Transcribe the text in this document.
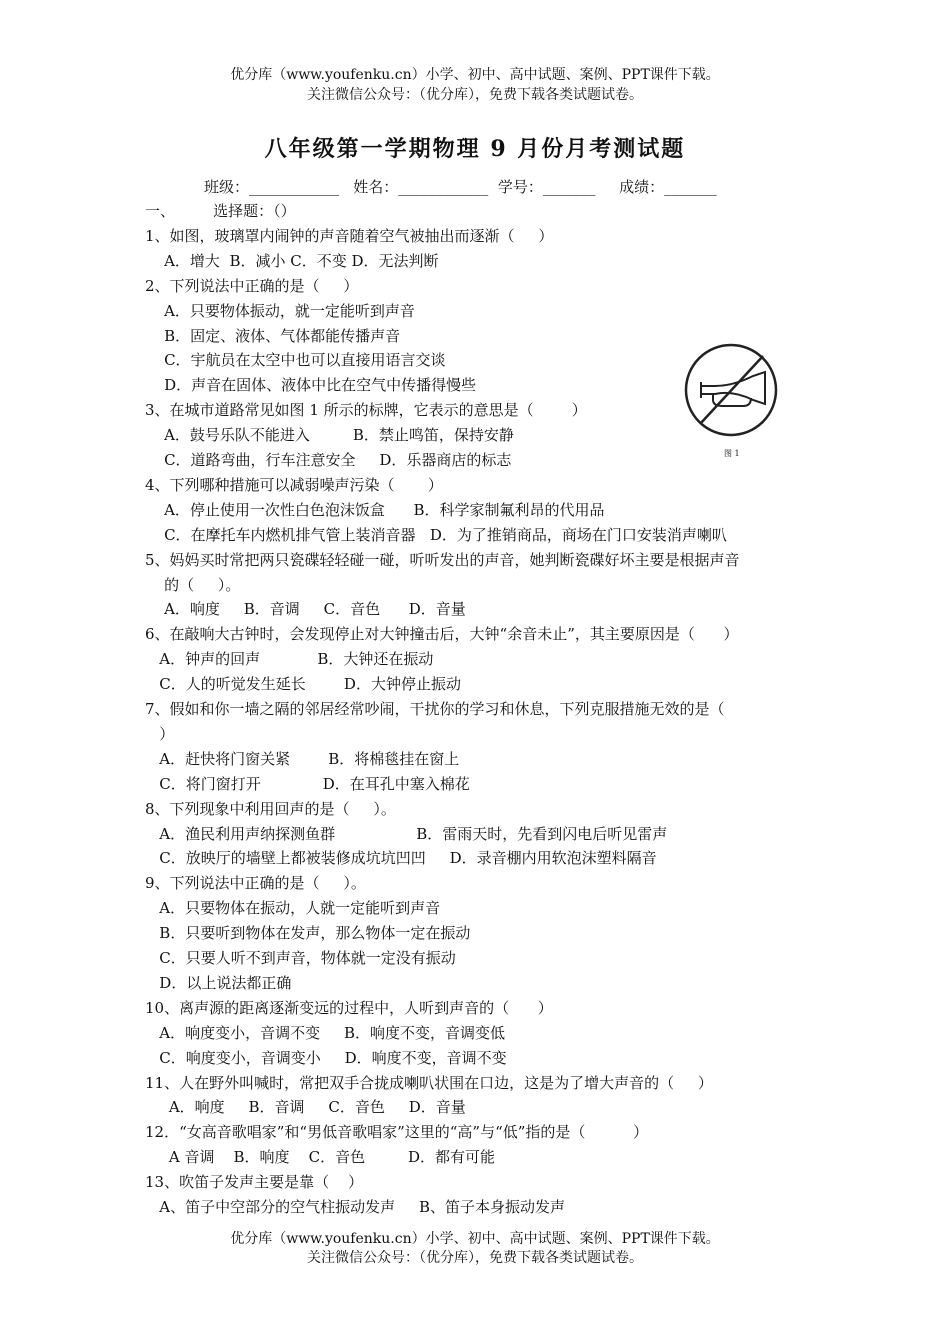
优分库（www.youfenku.cn）小学、初中、高中试题、案例、PPT课件下载。
关注微信公众号：（优分库），免费下载各类试题试卷。
八年级第一学期物理 9 月份月考测试题
班级：____________   姓名：____________  学号：_______     成绩：_______
一、        选择题：（）
1、如图，玻璃罩内闹钟的声音随着空气被抽出而逐渐（     ）
A．增大  B．减小 C．不变 D．无法判断
2、下列说法中正确的是（     ）
A．只要物体振动，就一定能听到声音
B．固定、液体、气体都能传播声音
C．宇航员在太空中也可以直接用语言交谈
D．声音在固体、液体中比在空气中传播得慢些
3、在城市道路常见如图 1 所示的标牌，它表示的意思是（        ）
A．鼓号乐队不能进入         B．禁止鸣笛，保持安静
C．道路弯曲，行车注意安全     D．乐器商店的标志
4、下列哪种措施可以减弱噪声污染（       ）
A．停止使用一次性白色泡沫饭盒      B．科学家制氟利昂的代用品
C．在摩托车内燃机排气管上装消音器   D．为了推销商品，商场在门口安装消声喇叭
5、妈妈买时常把两只瓷碟轻轻碰一碰，听听发出的声音，她判断瓷碟好坏主要是根据声音
的（     ）。
A．响度     B．音调     C．音色      D．音量
6、在敲响大古钟时，会发现停止对大钟撞击后，大钟“余音未止”，其主要原因是（      ）
A．钟声的回声            B．大钟还在振动
C．人的听觉发生延长        D．大钟停止振动
7、假如和你一墙之隔的邻居经常吵闹，干扰你的学习和休息，下列克服措施无效的是（
）
A．赶快将门窗关紧        B．将棉毯挂在窗上
C．将门窗打开             D．在耳孔中塞入棉花
8、下列现象中利用回声的是（     ）。
A．渔民利用声纳探测鱼群                 B．雷雨天时，先看到闪电后听见雷声
C．放映厅的墙壁上都被装修成坑坑凹凹     D．录音棚内用软泡沫塑料隔音
9、下列说法中正确的是（     ）。
A．只要物体在振动，人就一定能听到声音
B．只要听到物体在发声，那么物体一定在振动
C．只要人听不到声音，物体就一定没有振动
D．以上说法都正确
10、离声源的距离逐渐变远的过程中，人听到声音的（      ）
A．响度变小，音调不变     B．响度不变，音调变低
C．响度变小，音调变小     D．响度不变，音调不变
11、人在野外叫喊时，常把双手合拢成喇叭状围在口边，这是为了增大声音的（     ）
A．响度     B．音调     C．音色     D．音量
12．“女高音歌唱家”和“男低音歌唱家”这里的“高”与“低”指的是（          ）
A 音调    B．响度    C．音色         D．都有可能
13、吹笛子发声主要是靠（    ）
A、笛子中空部分的空气柱振动发声     B、笛子本身振动发声
图 1
优分库（www.youfenku.cn）小学、初中、高中试题、案例、PPT课件下载。
关注微信公众号：（优分库），免费下载各类试题试卷。
